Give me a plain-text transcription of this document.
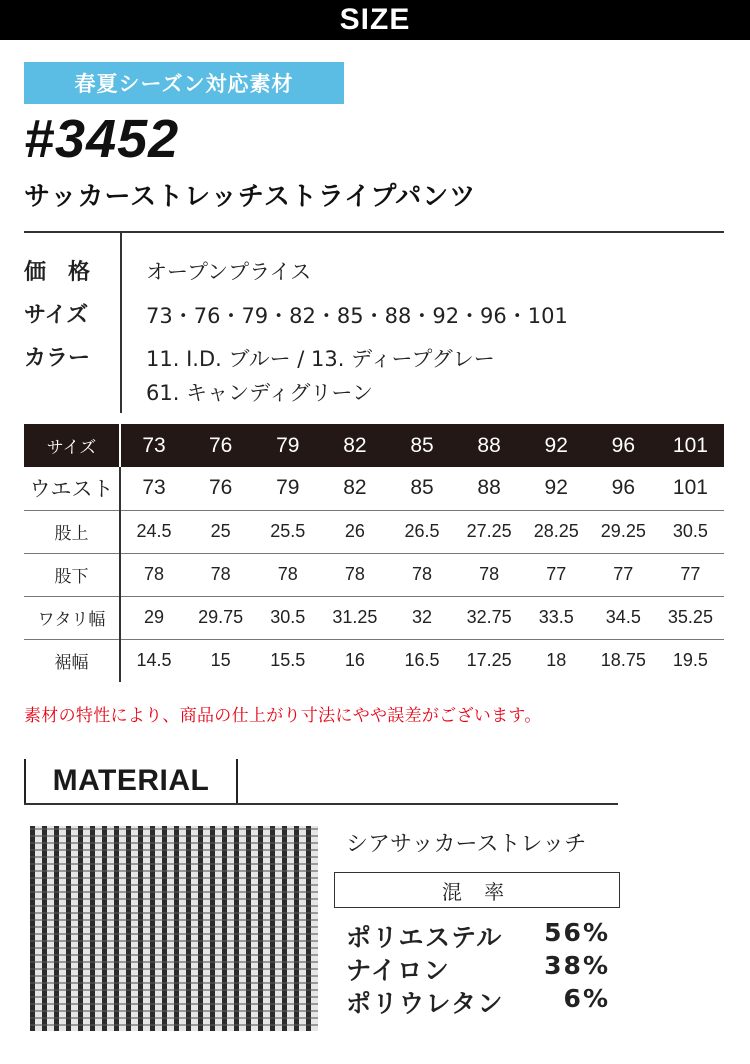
SIZE
春夏シーズン対応素材
#3452
サッカーストレッチストライプパンツ
価　格	オープンプライス
サイズ	73・76・79・82・85・88・92・96・101
カラー	11. I.D. ブルー / 13. ディープグレー
61. キャンディグリーン
サイズ	73	76	79	82	85	88	92	96	101
ウエスト	73	76	79	82	85	88	92	96	101
股上	24.5	25	25.5	26	26.5	27.25	28.25	29.25	30.5
股下	78	78	78	78	78	78	77	77	77
ワタリ幅	29	29.75	30.5	31.25	32	32.75	33.5	34.5	35.25
裾幅	14.5	15	15.5	16	16.5	17.25	18	18.75	19.5
素材の特性により、商品の仕上がり寸法にやや誤差がございます。
MATERIAL
シアサッカーストレッチ
混 率
ポリエステル 56%
ナイロン	38%
ポリウレタン 6%
